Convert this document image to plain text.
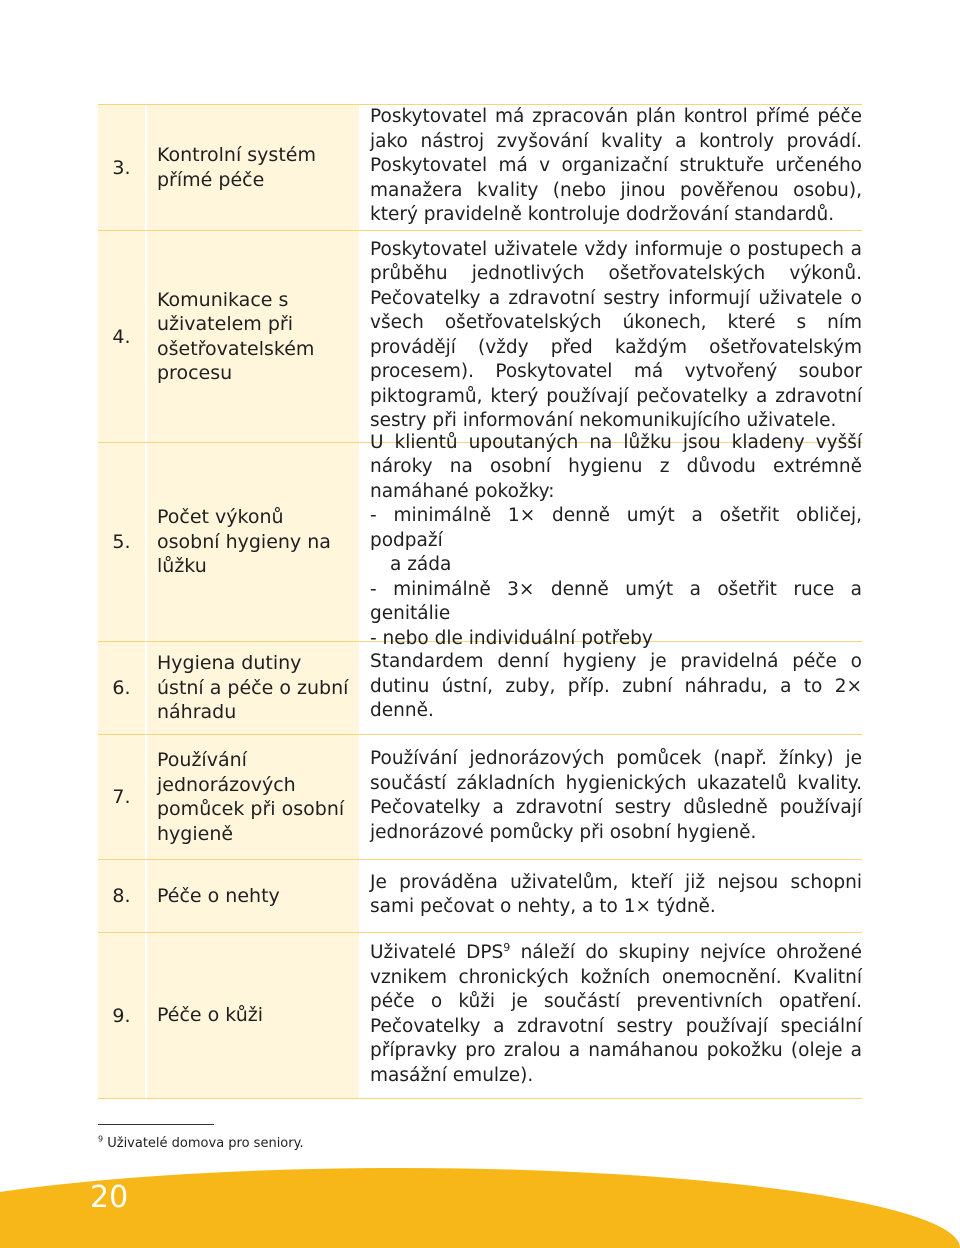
3.
Kontrolní systém přímé péče

Poskytovatel má zpracován plán kontrol přímé péče jako nástroj zvyšování kvality a kontroly provádí. Poskytovatel má v organizační struktuře určeného manažera kvality (nebo jinou pověřenou osobu), který pravidelně kontroluje dodržování standardů.

4.
Komunikace s uživatelem při ošetřovatelském procesu

Poskytovatel uživatele vždy informuje o postupech a průběhu jednotlivých ošetřovatelských výkonů. Pečovatelky a zdravotní sestry informují uživatele o všech ošetřovatelských úkonech, které s ním provádějí (vždy před každým ošetřovatelským procesem). Poskytovatel má vytvořený soubor piktogramů, který používají pečovatelky a zdravotní sestry při informování nekomunikujícího uživatele.

5.
Počet výkonů osobní hygieny na lůžku

U klientů upoutaných na lůžku jsou kladeny vyšší nároky na osobní hygienu z důvodu extrémně namáhané pokožky:

- minimálně 1× denně umýt a ošetřit obličej, podpaží

a záda

- minimálně 3× denně umýt a ošetřit ruce a genitálie

- nebo dle individuální potřeby

6.
Hygiena dutiny ústní a péče o zubní náhradu

Standardem denní hygieny je pravidelná péče o dutinu ústní, zuby, příp. zubní náhradu, a to 2× denně.

7.
Používání jednorázových pomůcek při osobní hygieně

Používání jednorázových pomůcek (např. žínky) je součástí základních hygienických ukazatelů kvality. Pečovatelky a zdravotní sestry důsledně používají jednorázové pomůcky při osobní hygieně.

8.	Péče o nehty

Je prováděna uživatelům, kteří již nejsou schopni sami pečovat o nehty, a to 1× týdně.

9.	Péče o kůži

Uživatelé DPS$^9$ náleží do skupiny nejvíce ohrožené vznikem chronických kožních onemocnění. Kvalitní péče o kůži je součástí preventivních opatření. Pečovatelky a zdravotní sestry používají speciální přípravky pro zralou a namáhanou pokožku (oleje a masážní emulze).

$^9$ Uživatelé domova pro seniory.
20
